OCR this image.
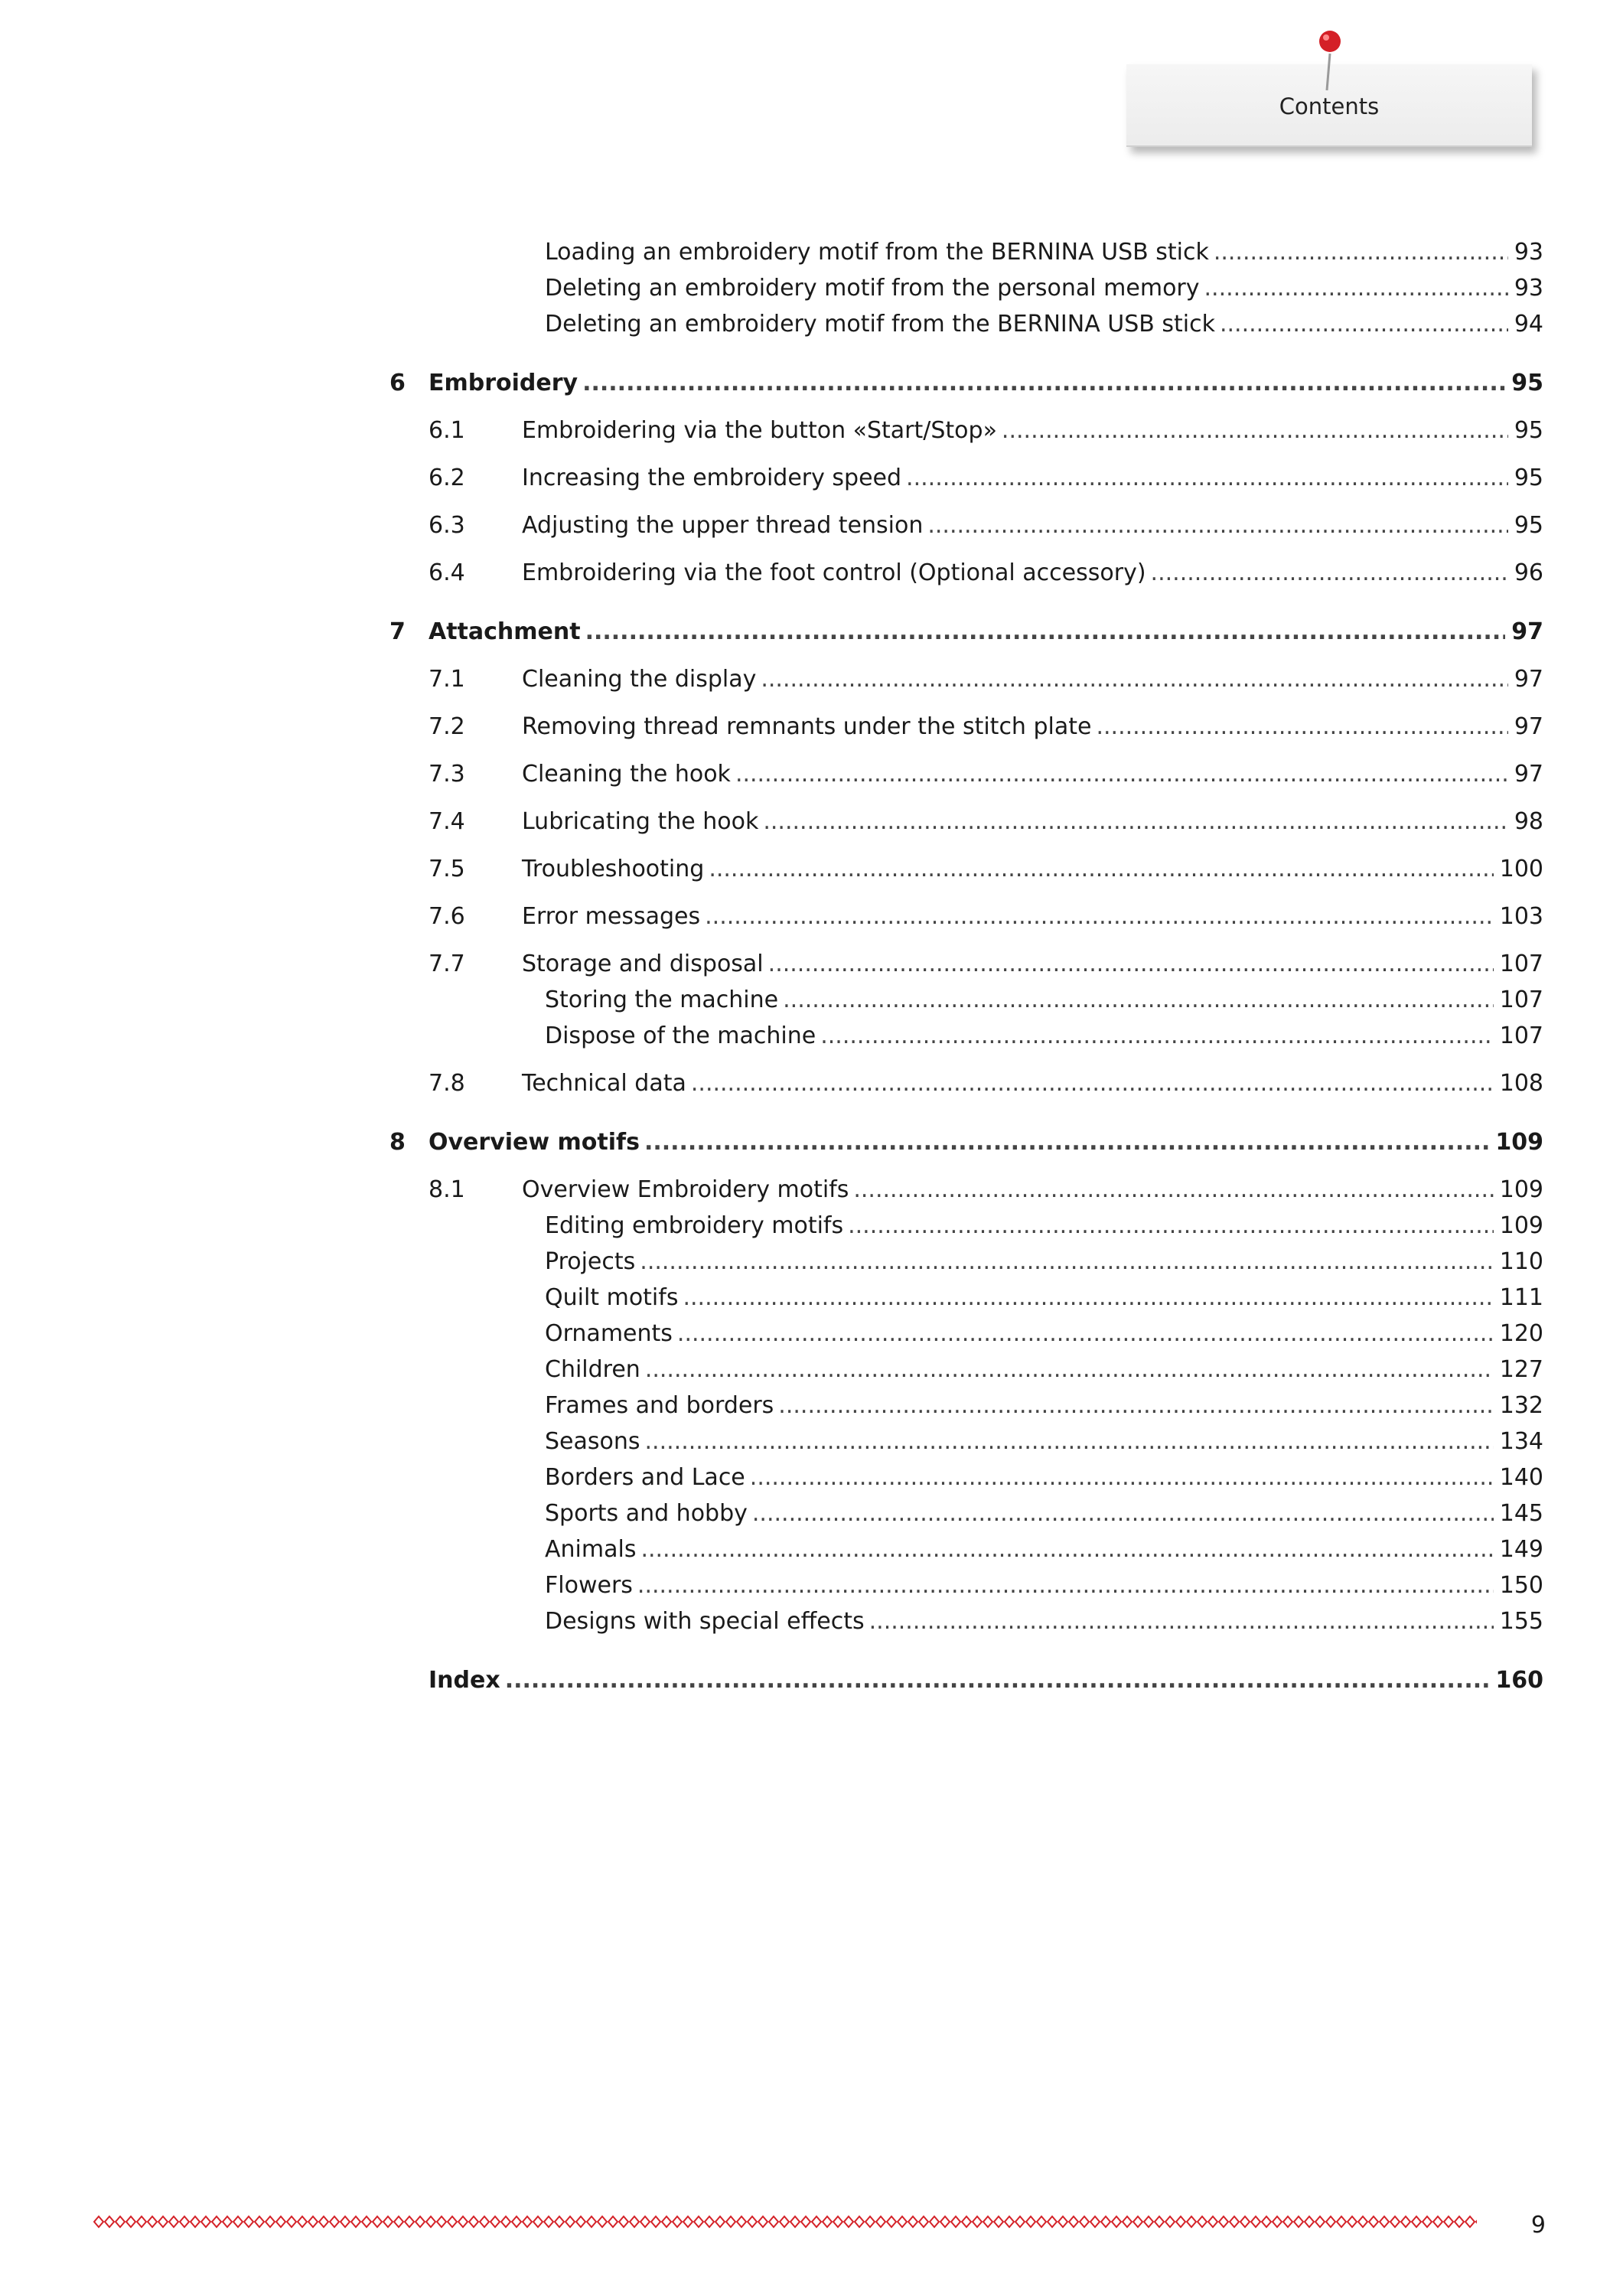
Contents
Loading an embroidery motif from the BERNINA USB stick .....	93
Deleting an embroidery motif from the personal memory .....	93
Deleting an embroidery motif from the BERNINA USB stick .....	94
6 Embroidery .....	95
6.1 Embroidering via the button «Start/Stop» .....	95
6.2 Increasing the embroidery speed .....	95
6.3 Adjusting the upper thread tension .....	95
6.4 Embroidering via the foot control (Optional accessory) .....	96
7 Attachment .....	97
7.1 Cleaning the display .....	97
7.2 Removing thread remnants under the stitch plate .....	97
7.3 Cleaning the hook .....	97
7.4 Lubricating the hook .....	98
7.5 Troubleshooting .....	100
7.6 Error messages .....	103
7.7 Storage and disposal .....	107
Storing the machine .....	107
Dispose of the machine .....	107
7.8 Technical data .....	108
8 Overview motifs .....	109
8.1 Overview Embroidery motifs .....	109
Editing embroidery motifs .....	109
Projects .....	110
Quilt motifs .....	111
Ornaments .....	120
Children .....	127
Frames and borders .....	132
Seasons .....	134
Borders and Lace .....	140
Sports and hobby .....	145
Animals .....	149
Flowers .....	150
Designs with special effects .....	155
Index .....	160
9
